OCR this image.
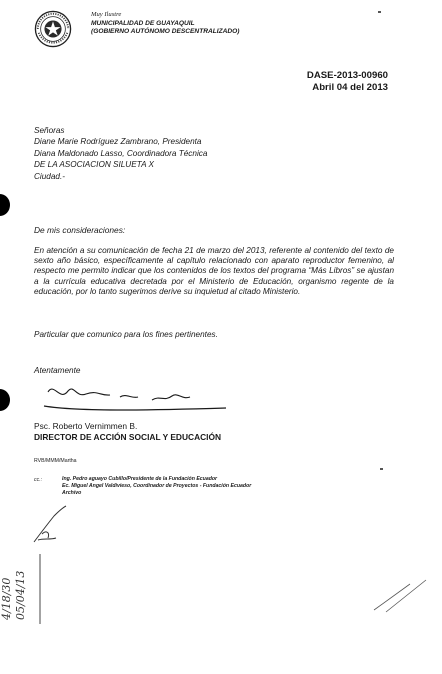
Muy Ilustre
MUNICIPALIDAD DE GUAYAQUIL
(GOBIERNO AUTÓNOMO DESCENTRALIZADO)
DASE-2013-00960
Abril 04 del 2013
Señoras
Diane Marie Rodríguez Zambrano, Presidenta
Diana Maldonado Lasso, Coordinadora Técnica
DE LA ASOCIACION SILUETA X
Ciudad.-
De mis consideraciones:
En atención a su comunicación de fecha 21 de marzo del 2013, referente al contenido del texto de sexto año básico, específicamente al capítulo relacionado con aparato reproductor femenino, al respecto me permito indicar que los contenidos de los textos del programa “Más Libros” se ajustan a la currícula educativa decretada por el Ministerio de Educación, organismo regente de la educación, por lo tanto sugerimos derive su inquietud al citado Ministerio.
Particular que comunico para los fines pertinentes.
Atentamente
Psc. Roberto Vernimmen B.
DIRECTOR DE ACCIÓN SOCIAL Y EDUCACIÓN
RVB/MMM/Martha
cc.:	Ing. Pedro aguayo Cubillo/Presidente de la Fundación Ecuador
Ec. Miguel Angel Valdivieso, Coordinador de Proyectos - Fundación Ecuador
Archivo
4/18/30 05/04/13
